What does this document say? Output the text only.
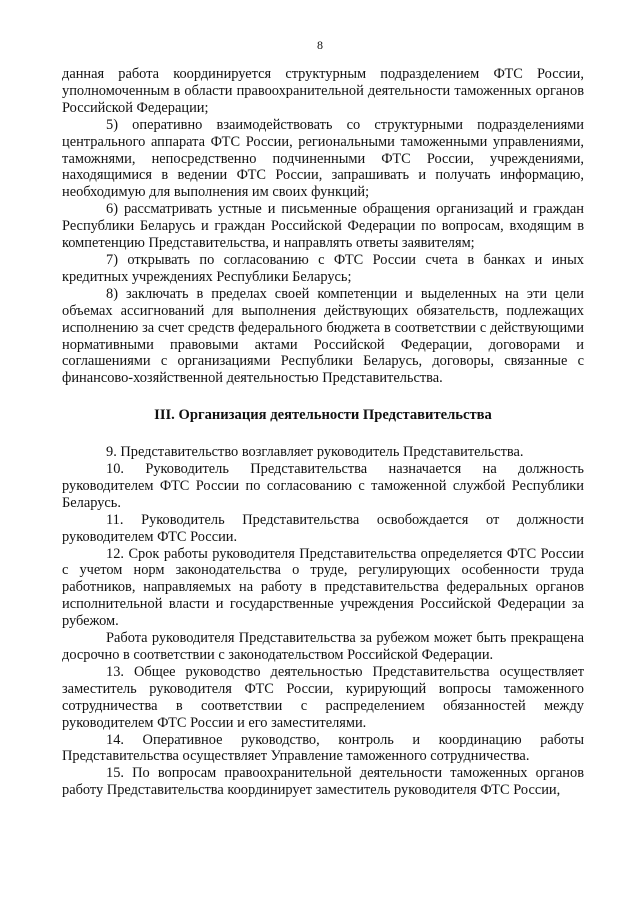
8

данная работа координируется структурным подразделением ФТС России, уполномоченным в области правоохранительной деятельности таможенных органов Российской Федерации;

5) оперативно взаимодействовать со структурными подразделениями центрального аппарата ФТС России, региональными таможенными управлениями, таможнями, непосредственно подчиненными ФТС России, учреждениями, находящимися в ведении ФТС России, запрашивать и получать информацию, необходимую для выполнения им своих функций;

6) рассматривать устные и письменные обращения организаций и граждан Республики Беларусь и граждан Российской Федерации по вопросам, входящим в компетенцию Представительства, и направлять ответы заявителям;

7) открывать по согласованию с ФТС России счета в банках и иных кредитных учреждениях Республики Беларусь;

8) заключать в пределах своей компетенции и выделенных на эти цели объемах ассигнований для выполнения действующих обязательств, подлежащих исполнению за счет средств федерального бюджета в соответствии с действующими нормативными правовыми актами Российской Федерации, договорами и соглашениями с организациями Республики Беларусь, договоры, связанные с финансово-хозяйственной деятельностью Представительства.

III. Организация деятельности Представительства

9. Представительство возглавляет руководитель Представительства.

10. Руководитель Представительства назначается на должность руководителем ФТС России по согласованию с таможенной службой Республики Беларусь.

11. Руководитель Представительства освобождается от должности руководителем ФТС России.

12. Срок работы руководителя Представительства определяется ФТС России с учетом норм законодательства о труде, регулирующих особенности труда работников, направляемых на работу в представительства федеральных органов исполнительной власти и государственные учреждения Российской Федерации за рубежом.

Работа руководителя Представительства за рубежом может быть прекращена досрочно в соответствии с законодательством Российской Федерации.

13. Общее руководство деятельностью Представительства осуществляет заместитель руководителя ФТС России, курирующий вопросы таможенного сотрудничества в соответствии с распределением обязанностей между руководителем ФТС России и его заместителями.

14. Оперативное руководство, контроль и координацию работы Представительства осуществляет Управление таможенного сотрудничества.

15. По вопросам правоохранительной деятельности таможенных органов работу Представительства координирует заместитель руководителя ФТС России,
